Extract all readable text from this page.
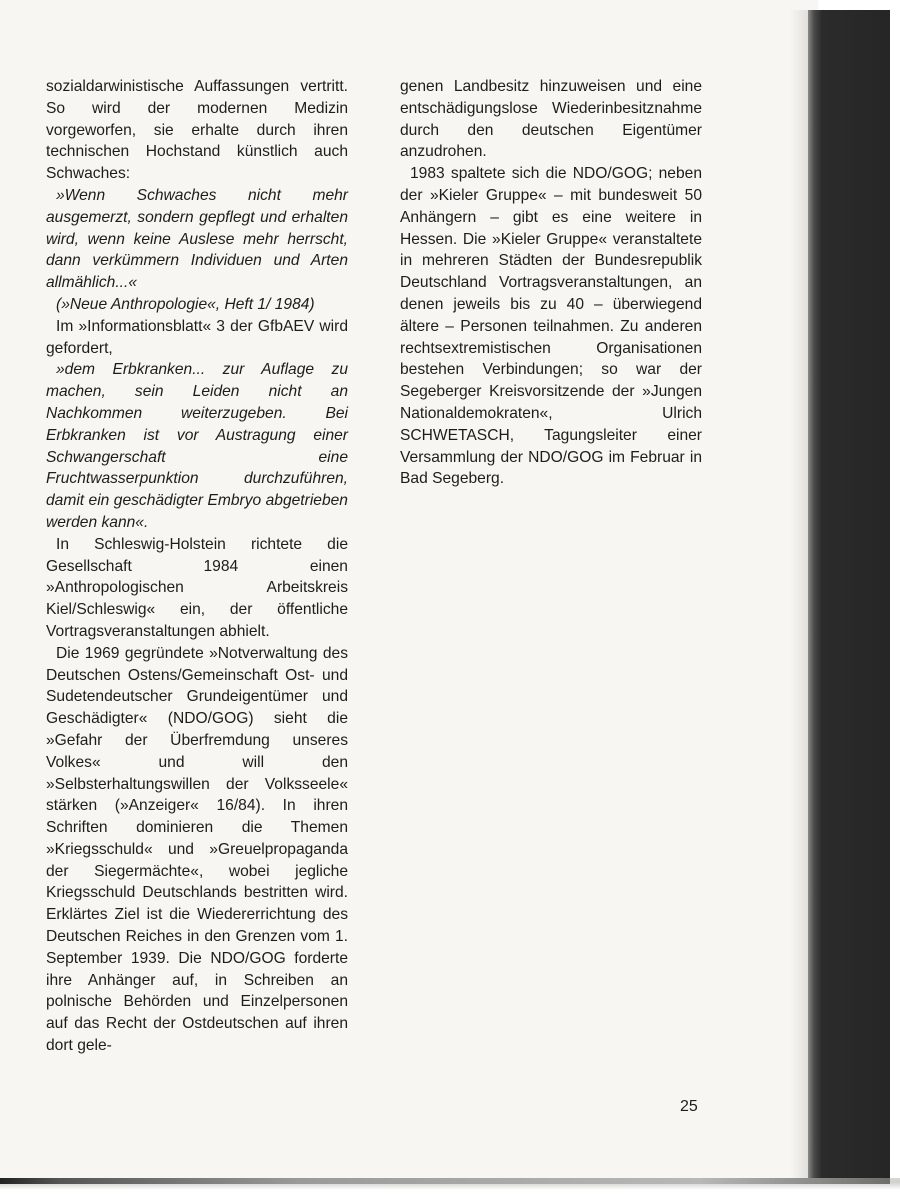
sozialdarwinistische Auffassungen vertritt. So wird der modernen Medizin vorgeworfen, sie erhalte durch ihren technischen Hochstand künstlich auch Schwaches:

»Wenn Schwaches nicht mehr ausgemerzt, sondern gepflegt und erhalten wird, wenn keine Auslese mehr herrscht, dann verkümmern Individuen und Arten allmählich...«

(»Neue Anthropologie«, Heft 1/ 1984)

Im »Informationsblatt« 3 der GfbAEV wird gefordert,

»dem Erbkranken... zur Auflage zu machen, sein Leiden nicht an Nachkommen weiterzugeben. Bei Erbkranken ist vor Austragung einer Schwangerschaft eine Fruchtwasserpunktion durchzuführen, damit ein geschädigter Embryo abgetrieben werden kann«.

In Schleswig-Holstein richtete die Gesellschaft 1984 einen »Anthropologischen Arbeitskreis Kiel/Schleswig« ein, der öffentliche Vortragsveranstaltungen abhielt.

Die 1969 gegründete »Notverwaltung des Deutschen Ostens/Gemeinschaft Ost- und Sudetendeutscher Grundeigentümer und Geschädigter« (NDO/GOG) sieht die »Gefahr der Überfremdung unseres Volkes« und will den »Selbsterhaltungswillen der Volksseele« stärken (»Anzeiger« 16/84). In ihren Schriften dominieren die Themen »Kriegsschuld« und »Greuelpropaganda der Siegermächte«, wobei jegliche Kriegsschuld Deutschlands bestritten wird. Erklärtes Ziel ist die Wiedererrichtung des Deutschen Reiches in den Grenzen vom 1. September 1939. Die NDO/GOG forderte ihre Anhänger auf, in Schreiben an polnische Behörden und Einzelpersonen auf das Recht der Ostdeutschen auf ihren dort gele-

genen Landbesitz hinzuweisen und eine entschädigungslose Wiederinbesitznahme durch den deutschen Eigentümer anzudrohen.

1983 spaltete sich die NDO/GOG; neben der »Kieler Gruppe« – mit bundesweit 50 Anhängern – gibt es eine weitere in Hessen. Die »Kieler Gruppe« veranstaltete in mehreren Städten der Bundesrepublik Deutschland Vortragsveranstaltungen, an denen jeweils bis zu 40 – überwiegend ältere – Personen teilnahmen. Zu anderen rechtsextremistischen Organisationen bestehen Verbindungen; so war der Segeberger Kreisvorsitzende der »Jungen Nationaldemokraten«, Ulrich SCHWETASCH, Tagungsleiter einer Versammlung der NDO/GOG im Februar in Bad Segeberg.

25
